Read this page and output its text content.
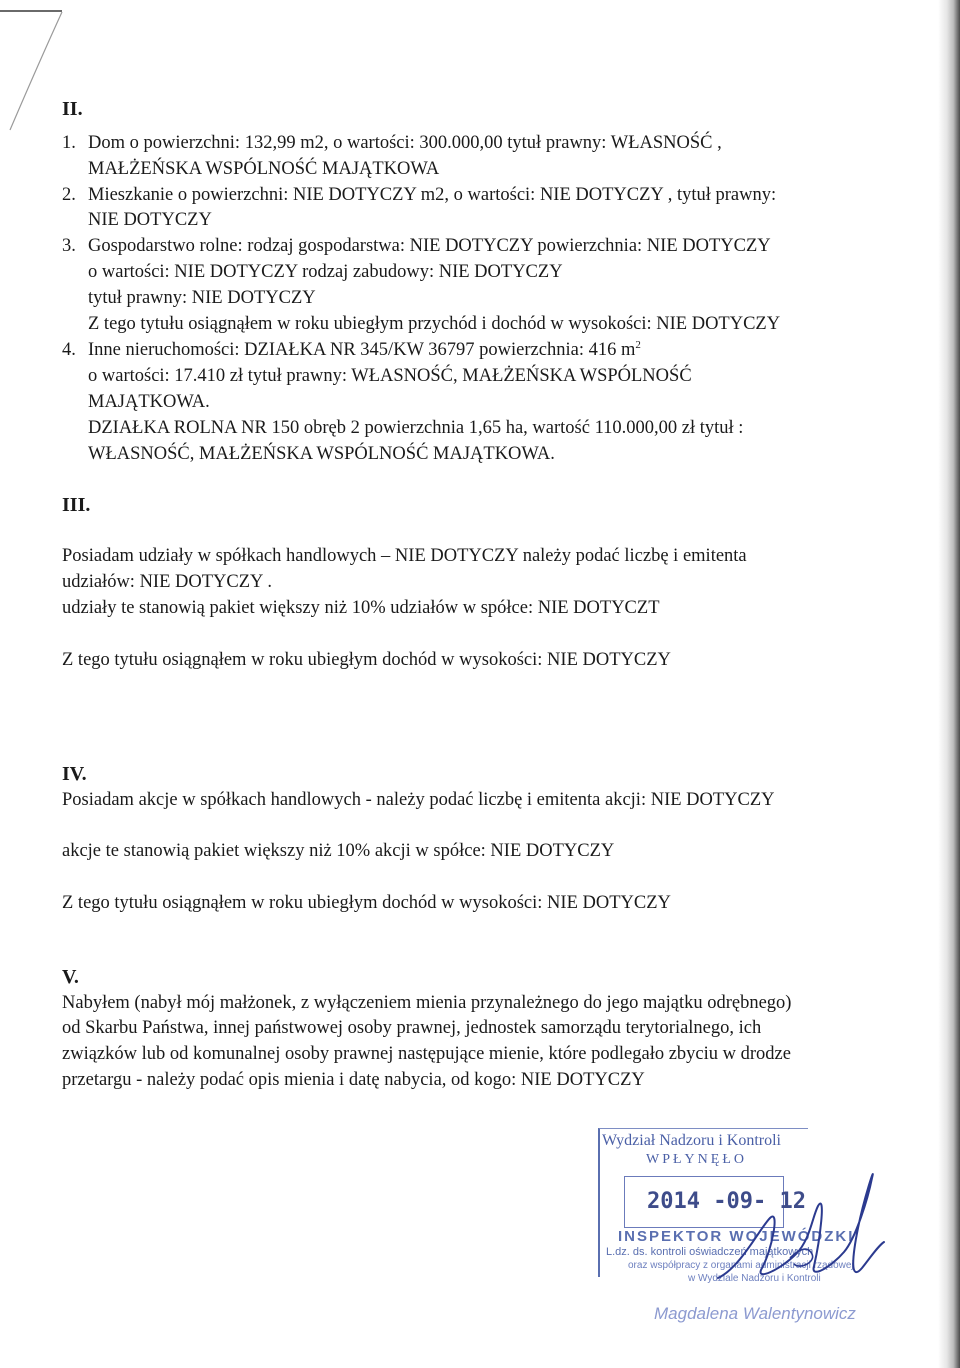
II.
1. Dom o powierzchni: 132,99 m2, o wartości: 300.000,00 tytuł prawny: WŁASNOŚĆ ,
MAŁŻEŃSKA WSPÓLNOŚĆ MAJĄTKOWA
2. Mieszkanie o powierzchni: NIE DOTYCZY m2, o wartości: NIE DOTYCZY , tytuł prawny:
NIE DOTYCZY
3. Gospodarstwo rolne: rodzaj gospodarstwa: NIE DOTYCZY powierzchnia: NIE DOTYCZY
o wartości: NIE DOTYCZY rodzaj zabudowy: NIE DOTYCZY
tytuł prawny: NIE DOTYCZY
Z tego tytułu osiągnąłem w roku ubiegłym przychód i dochód w wysokości: NIE DOTYCZY
4. Inne nieruchomości: DZIAŁKA NR 345/KW 36797 powierzchnia: 416 $m^2$
o wartości: 17.410 zł tytuł prawny: WŁASNOŚĆ, MAŁŻEŃSKA WSPÓLNOŚĆ
MAJĄTKOWA.
DZIAŁKA ROLNA NR 150 obręb 2 powierzchnia 1,65 ha, wartość 110.000,00 zł tytuł :
WŁASNOŚĆ, MAŁŻEŃSKA WSPÓLNOŚĆ MAJĄTKOWA.
III.
Posiadam udziały w spółkach handlowych – NIE DOTYCZY należy podać liczbę i emitenta
udziałów: NIE DOTYCZY .
udziały te stanowią pakiet większy niż 10% udziałów w spółce: NIE DOTYCZT
Z tego tytułu osiągnąłem w roku ubiegłym dochód w wysokości: NIE DOTYCZY
IV.
Posiadam akcje w spółkach handlowych - należy podać liczbę i emitenta akcji: NIE DOTYCZY
akcje te stanowią pakiet większy niż 10% akcji w spółce: NIE DOTYCZY
Z tego tytułu osiągnąłem w roku ubiegłym dochód w wysokości: NIE DOTYCZY
V.
Nabyłem (nabył mój małżonek, z wyłączeniem mienia przynależnego do jego majątku odrębnego)
od Skarbu Państwa, innej państwowej osoby prawnej, jednostek samorządu terytorialnego, ich
związków lub od komunalnej osoby prawnej następujące mienie, które podlegało zbyciu w drodze
przetargu - należy podać opis mienia i datę nabycia, od kogo: NIE DOTYCZY
Wydział Nadzoru i Kontroli
WPŁYNĘŁO
2014 -09- 12
INSPEKTOR WOJEWÓDZKI
L.dz. ds. kontroli oświadczeń majątkowych
oraz współpracy z organami administracji rządowej
w Wydziale Nadzoru i Kontroli
Magdalena Walentynowicz
